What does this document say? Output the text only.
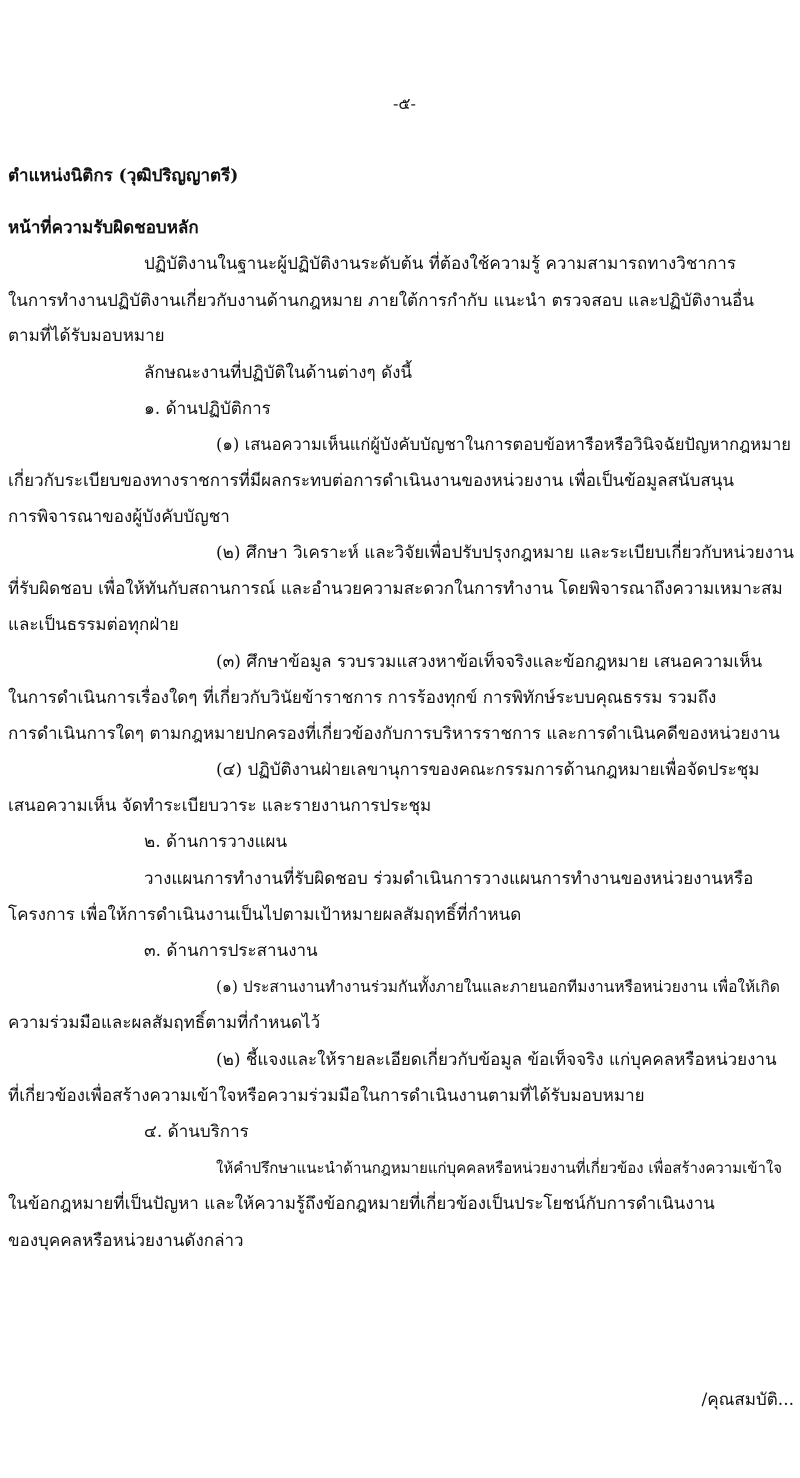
-๕-
ตำแหน่งนิติกร (วุฒิปริญญาตรี)
หน้าที่ความรับผิดชอบหลัก
ปฏิบัติงานในฐานะผู้ปฏิบัติงานระดับต้น ที่ต้องใช้ความรู้ ความสามารถทางวิชาการ
ในการทำงานปฏิบัติงานเกี่ยวกับงานด้านกฎหมาย ภายใต้การกำกับ แนะนำ ตรวจสอบ และปฏิบัติงานอื่น
ตามที่ได้รับมอบหมาย
ลักษณะงานที่ปฏิบัติในด้านต่างๆ ดังนี้
๑. ด้านปฏิบัติการ
(๑) เสนอความเห็นแก่ผู้บังคับบัญชาในการตอบข้อหารือหรือวินิจฉัยปัญหากฎหมาย
เกี่ยวกับระเบียบของทางราชการที่มีผลกระทบต่อการดำเนินงานของหน่วยงาน เพื่อเป็นข้อมูลสนับสนุน
การพิจารณาของผู้บังคับบัญชา
(๒) ศึกษา วิเคราะห์ และวิจัยเพื่อปรับปรุงกฎหมาย และระเบียบเกี่ยวกับหน่วยงาน
ที่รับผิดชอบ เพื่อให้ทันกับสถานการณ์ และอำนวยความสะดวกในการทำงาน โดยพิจารณาถึงความเหมาะสม
และเป็นธรรมต่อทุกฝ่าย
(๓) ศึกษาข้อมูล รวบรวมแสวงหาข้อเท็จจริงและข้อกฎหมาย เสนอความเห็น
ในการดำเนินการเรื่องใดๆ ที่เกี่ยวกับวินัยข้าราชการ การร้องทุกข์ การพิทักษ์ระบบคุณธรรม รวมถึง
การดำเนินการใดๆ ตามกฎหมายปกครองที่เกี่ยวข้องกับการบริหารราชการ และการดำเนินคดีของหน่วยงาน
(๔) ปฏิบัติงานฝ่ายเลขานุการของคณะกรรมการด้านกฎหมายเพื่อจัดประชุม
เสนอความเห็น จัดทำระเบียบวาระ และรายงานการประชุม
๒. ด้านการวางแผน
วางแผนการทำงานที่รับผิดชอบ ร่วมดำเนินการวางแผนการทำงานของหน่วยงานหรือ
โครงการ เพื่อให้การดำเนินงานเป็นไปตามเป้าหมายผลสัมฤทธิ์ที่กำหนด
๓. ด้านการประสานงาน
(๑) ประสานงานทำงานร่วมกันทั้งภายในและภายนอกทีมงานหรือหน่วยงาน เพื่อให้เกิด
ความร่วมมือและผลสัมฤทธิ์ตามที่กำหนดไว้
(๒) ชี้แจงและให้รายละเอียดเกี่ยวกับข้อมูล ข้อเท็จจริง แก่บุคคลหรือหน่วยงาน
ที่เกี่ยวข้องเพื่อสร้างความเข้าใจหรือความร่วมมือในการดำเนินงานตามที่ได้รับมอบหมาย
๔. ด้านบริการ
ให้คำปรึกษาแนะนำด้านกฎหมายแก่บุคคลหรือหน่วยงานที่เกี่ยวข้อง เพื่อสร้างความเข้าใจ
ในข้อกฎหมายที่เป็นปัญหา และให้ความรู้ถึงข้อกฎหมายที่เกี่ยวข้องเป็นประโยชน์กับการดำเนินงาน
ของบุคคลหรือหน่วยงานดังกล่าว
/คุณสมบัติ...
